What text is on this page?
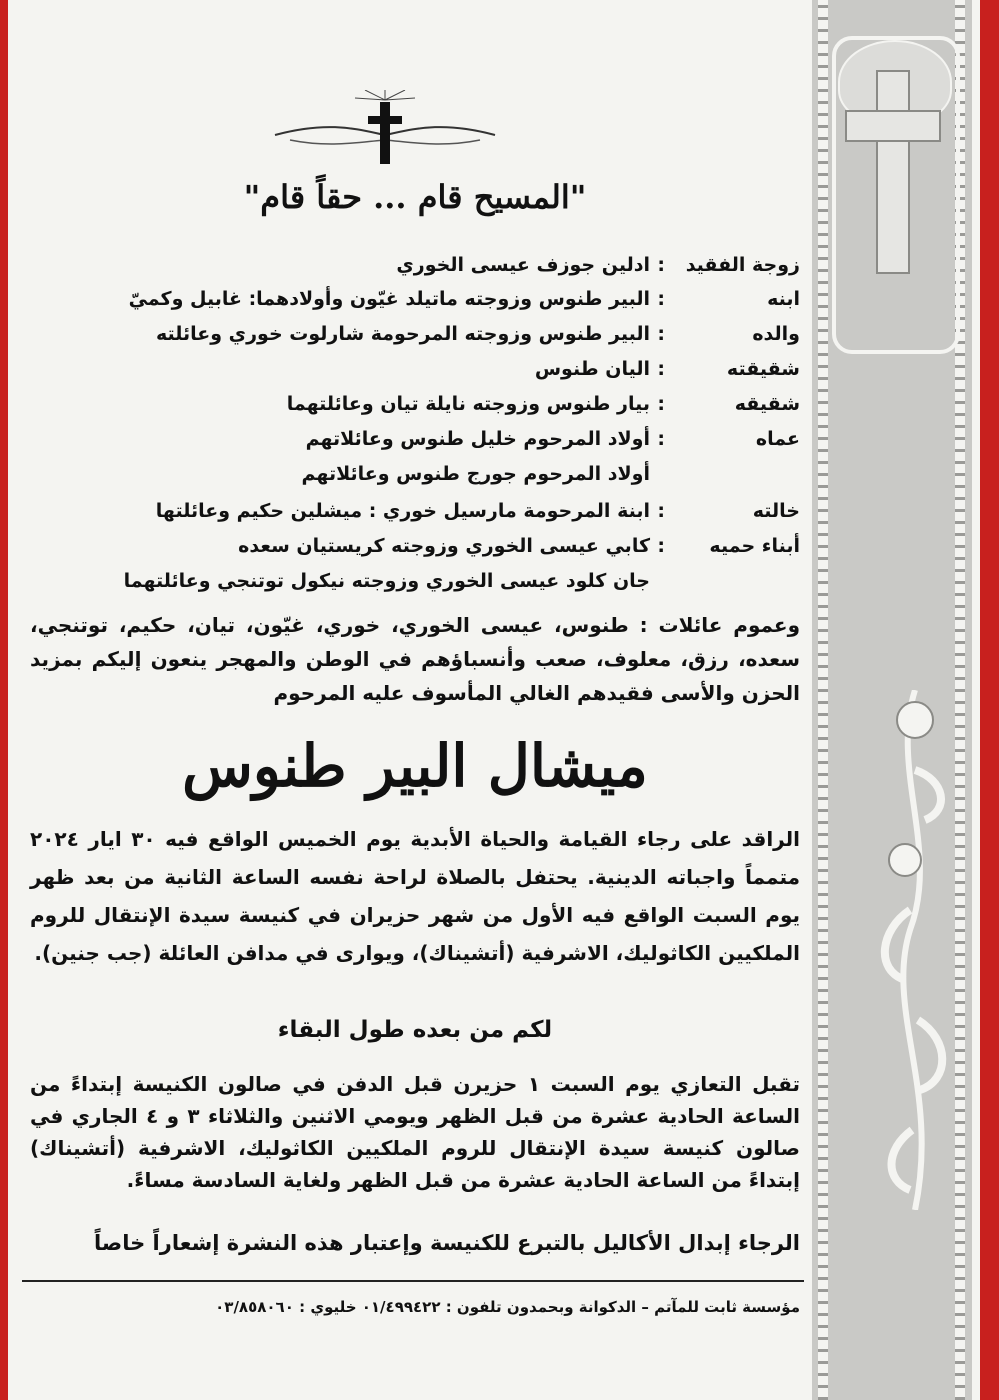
"المسيح قام ... حقاً قام"
زوجة الفقيد
:
ادلين جوزف عيسى الخوري
ابنه
:
البير طنوس وزوجته ماتيلد غيّون وأولادهما: غابيل وكميّ
والده
:
البير طنوس وزوجته المرحومة شارلوت خوري وعائلته
شقيقته
:
اليان طنوس
شقيقه
:
بيار طنوس وزوجته نايلة تيان وعائلتهما
عماه
:
أولاد المرحوم خليل طنوس وعائلاتهم
أولاد المرحوم جورج طنوس وعائلاتهم
خالته
:
ابنة المرحومة مارسيل خوري : ميشلين حكيم وعائلتها
أبناء حميه
:
كابي عيسى الخوري وزوجته كريستيان سعده
جان كلود عيسى الخوري وزوجته نيكول توتنجي وعائلتهما
وعموم عائلات : طنوس، عيسى الخوري، خوري، غيّون، تيان، حكيم، توتنجي، سعده، رزق، معلوف، صعب وأنسباؤهم في الوطن والمهجر ينعون إليكم بمزيد الحزن والأسى فقيدهم الغالي المأسوف عليه المرحوم
ميشال البير طنوس
الراقد على رجاء القيامة والحياة الأبدية يوم الخميس الواقع فيه ٣٠ ايار ٢٠٢٤ متمماً واجباته الدينية. يحتفل بالصلاة لراحة نفسه الساعة الثانية من بعد ظهر يوم السبت الواقع فيه الأول من شهر حزيران في كنيسة سيدة الإنتقال للروم الملكيين الكاثوليك، الاشرفية (أتشيناك)، ويوارى في مدافن العائلة (جب جنين).
لكم من بعده طول البقاء
تقبل التعازي يوم السبت ١ حزيرن قبل الدفن في صالون الكنيسة إبتداءً من الساعة الحادية عشرة من قبل الظهر ويومي الاثنين والثلاثاء ٣ و ٤ الجاري في صالون كنيسة سيدة الإنتقال للروم الملكيين الكاثوليك، الاشرفية (أتشيناك) إبتداءً من الساعة الحادية عشرة من قبل الظهر ولغاية السادسة مساءً.
الرجاء إبدال الأكاليل بالتبرع للكنيسة وإعتبار هذه النشرة إشعاراً خاصاً
مؤسسة ثابت للمآتم – الدكوانة وبحمدون تلفون : ٠١/٤٩٩٤٢٢ خليوي : ٠٣/٨٥٨٠٦٠
